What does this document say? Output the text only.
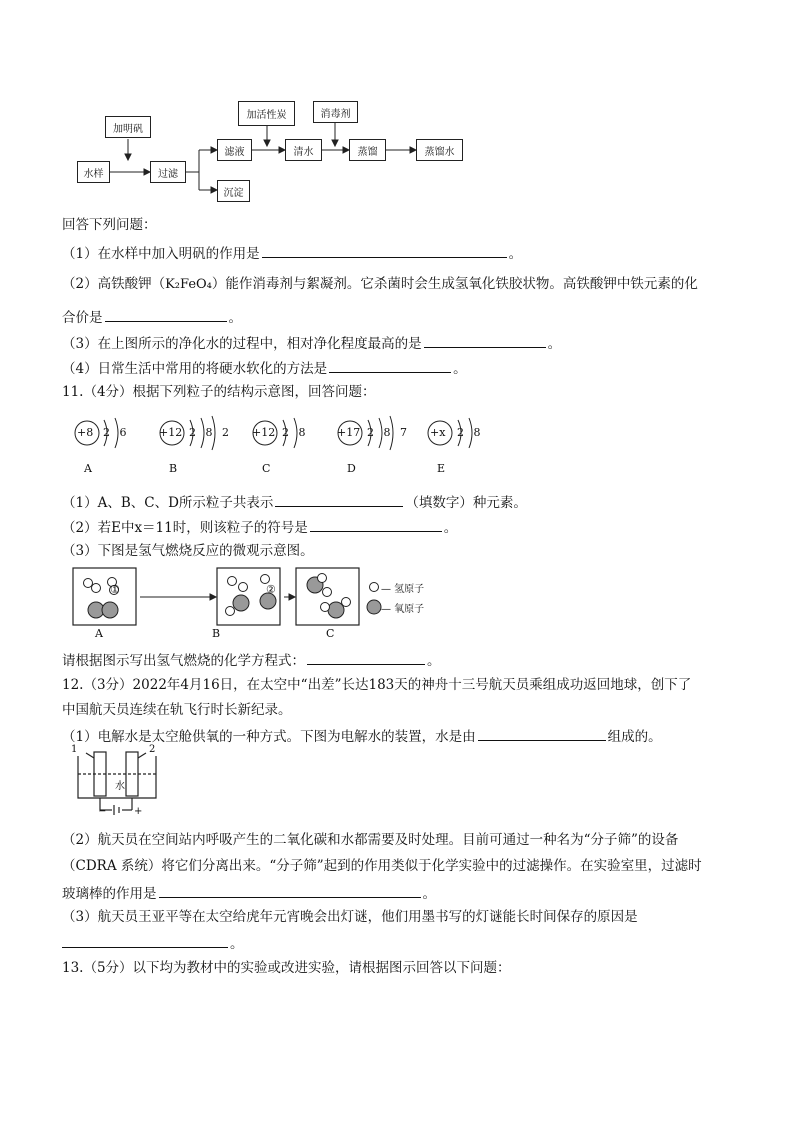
加明矾
水样	过滤
加活性炭	消毒剂
滤液	清水	蒸馏	蒸馏水
沉淀
回答下列问题：
（1）在水样中加入明矾的作用是	。
（2）高铁酸钾（K₂FeO₄）能作消毒剂与絮凝剂。它杀菌时会生成氢氧化铁胶状物。高铁酸钾中铁元素的化
合价是	。
（3）在上图所示的净化水的过程中，相对净化程度最高的是	。
（4）日常生活中常用的将硬水软化的方法是	。
11.（4分）根据下列粒子的结构示意图，回答问题：
+8 2 6	+12 2 8 2 +12 2 8	+17 2 8 7 +x 2 8
A	B	C	D	E
（1）A、B、C、D所示粒子共表示	（填数字）种元素。
（2）若E中x＝11时，则该粒子的符号是	。
（3）下图是氢气燃烧反应的微观示意图。
①	②
A	B	C
— 氢原子
— 氧原子
请根据图示写出氢气燃烧的化学方程式：	。
12.（3分）2022年4月16日，在太空中“出差”长达183天的神舟十三号航天员乘组成功返回地球，创下了
中国航天员连续在轨飞行时长新纪录。
（1）电解水是太空舱供氧的一种方式。下图为电解水的装置，水是由	组成的。
1	2
水
−	+
（2）航天员在空间站内呼吸产生的二氧化碳和水都需要及时处理。目前可通过一种名为“分子筛”的设备
（CDRA 系统）将它们分离出来。“分子筛”起到的作用类似于化学实验中的过滤操作。在实验室里，过滤时
玻璃棒的作用是	。
（3）航天员王亚平等在太空给虎年元宵晚会出灯谜，他们用墨书写的灯谜能长时间保存的原因是
。
13.（5分）以下均为教材中的实验或改进实验，请根据图示回答以下问题：
